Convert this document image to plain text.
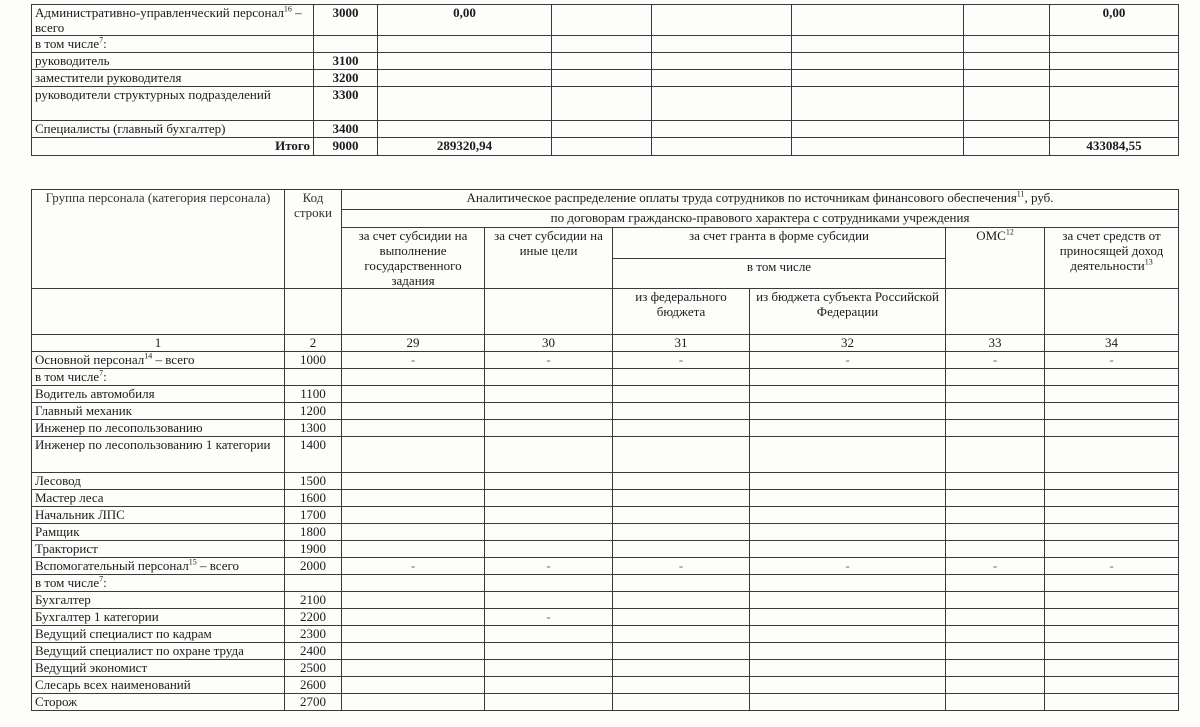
Административно-управленческий персонал$^{16}$ – всего	3000	0,00					0,00
в том числе$^7$:							
руководитель	3100						
заместители руководителя	3200						
руководители структурных подразделений	3300						
Специалисты (главный бухгалтер)	3400						
Итого	9000	289320,94					433084,55
Группа персонала (категория персонала)	Код строки	Аналитическое распределение оплаты труда сотрудников по источникам финансового обеспечения$^{11}$, руб.					
		по договорам гражданско-правового характера с сотрудниками учреждения					
		за счет субсидии на выполнение государственного задания	за счет субсидии на иные цели	за счет гранта в форме субсидии		ОМС$^{12}$	за счет средств от приносящей доход деятельности$^{13}$
				в том числе			
				из федерального бюджета	из бюджета субъекта Российской Федерации		
1	2	29	30	31	32	33	34
Основной персонал$^{14}$ – всего	1000	-	-	-	-	-	-
в том числе$^7$:							
Водитель автомобиля	1100						
Главный механик	1200						
Инженер по лесопользованию	1300						
Инженер по лесопользованию 1 категории	1400						
Лесовод	1500						
Мастер леса	1600						
Начальник ЛПС	1700						
Рамщик	1800						
Тракторист	1900						
Вспомогательный персонал$^{15}$ – всего	2000	-	-	-	-	-	-
в том числе$^7$:							
Бухгалтер	2100						
Бухгалтер 1 категории	2200		-				
Ведущий специалист по кадрам	2300						
Ведущий специалист по охране труда	2400						
Ведущий экономист	2500						
Слесарь всех наименований	2600						
Сторож	2700						
